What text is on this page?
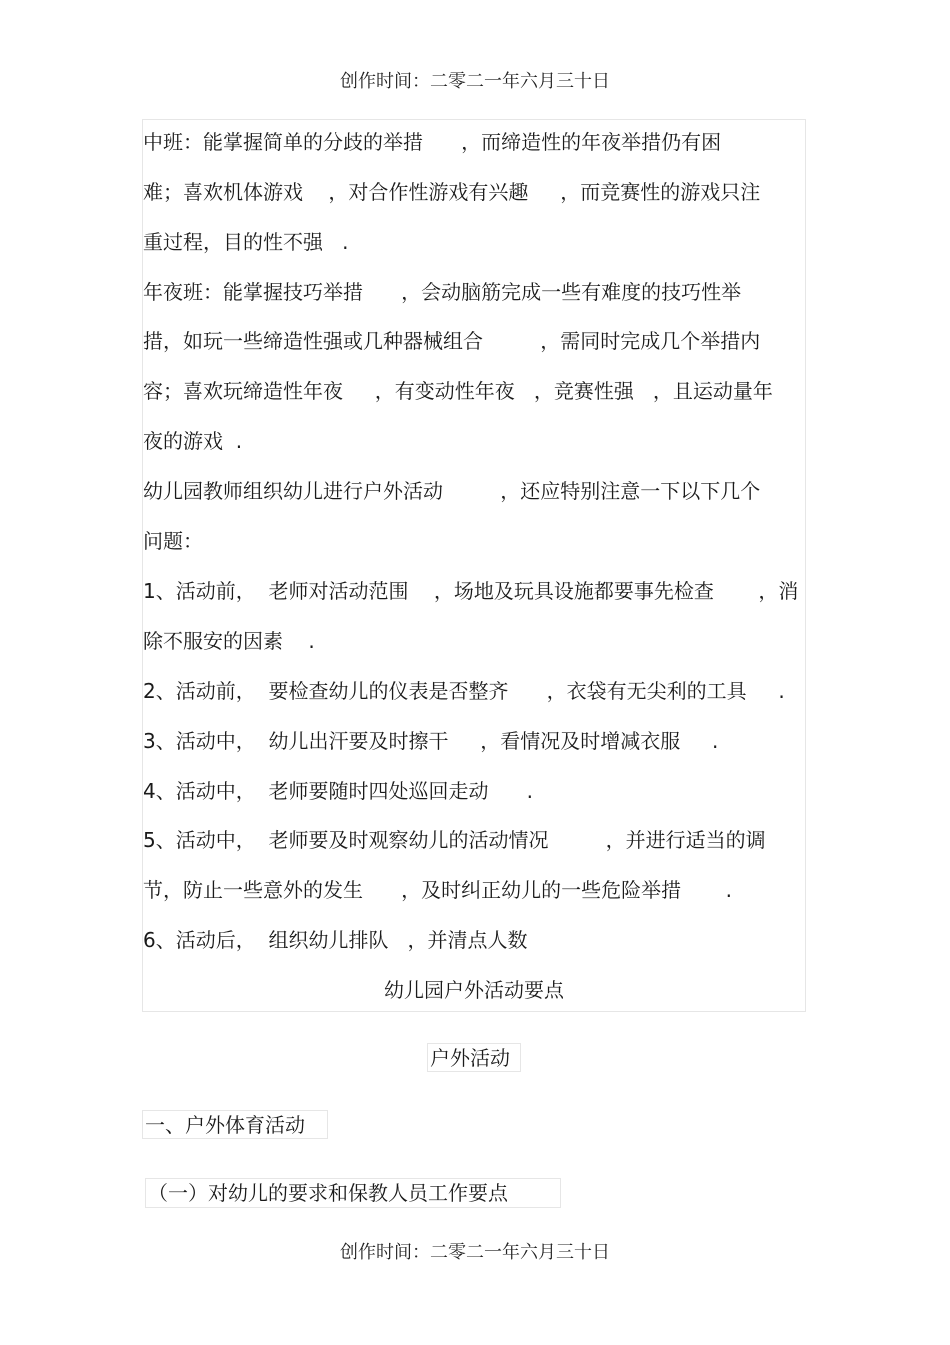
创作时间：二零二一年六月三十日
中班：能掌握简单的分歧的举措      ，而缔造性的年夜举措仍有困
难；喜欢机体游戏    ，对合作性游戏有兴趣     ，而竞赛性的游戏只注
重过程，目的性不强   .
年夜班：能掌握技巧举措      ，会动脑筋完成一些有难度的技巧性举
措，如玩一些缔造性强或几种器械组合         ，需同时完成几个举措内
容；喜欢玩缔造性年夜     ，有变动性年夜   ，竞赛性强   ，且运动量年
夜的游戏  .
幼儿园教师组织幼儿进行户外活动         ，还应特别注意一下以下几个
问题：
1、活动前，  老师对活动范围    ，场地及玩具设施都要事先检查       ，消
除不服安的因素    .
2、活动前，  要检查幼儿的仪表是否整齐      ，衣袋有无尖利的工具     .
3、活动中，  幼儿出汗要及时擦干     ，看情况及时增减衣服     .
4、活动中，  老师要随时四处巡回走动      .
5、活动中，  老师要及时观察幼儿的活动情况         ，并进行适当的调
节，防止一些意外的发生      ，及时纠正幼儿的一些危险举措       .
6、活动后，  组织幼儿排队   ，并清点人数
幼儿园户外活动要点
户外活动
一、户外体育活动
（一）对幼儿的要求和保教人员工作要点
创作时间：二零二一年六月三十日
